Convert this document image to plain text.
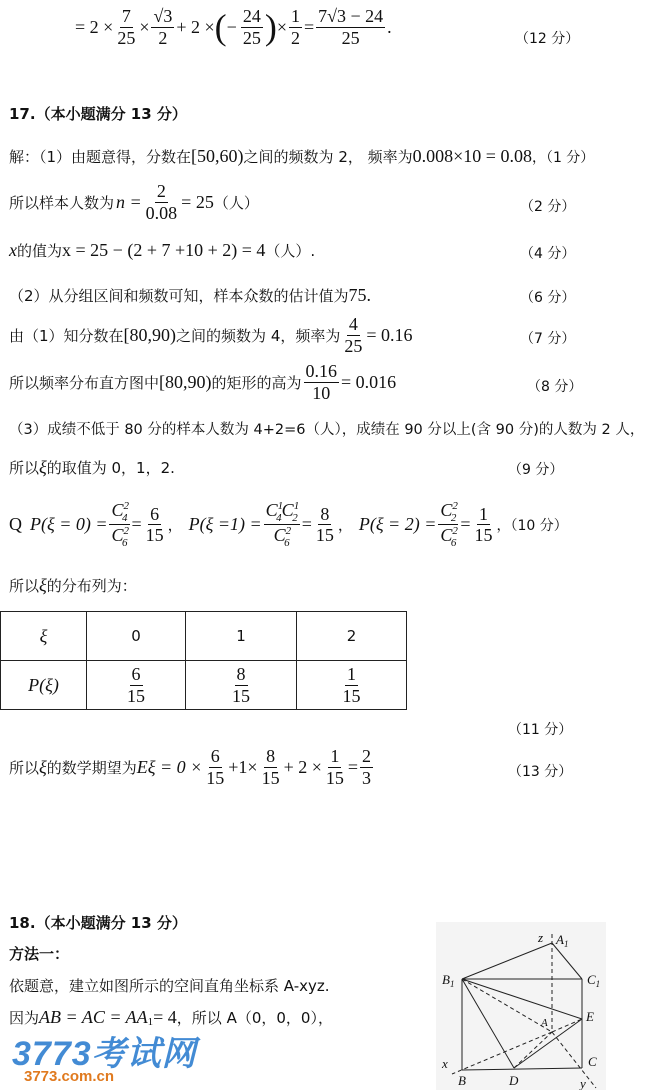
= $2 \times \frac{7}{25} \times \frac{√3}{2} + 2$ × ( − $\frac{24}{25}$ ) × $\frac{1}{2} = \frac{7√3 - 24}{25}$ .
（12 分）
17.（本小题满分 13 分）
解：（1）由题意得，分数在 [50,60) 之间的频数为 2， 频率为 0.008×10 = 0.08 ，（1 分）
所以样本人数为 $n = \frac{2}{0.08} = 25$ （人）	（2 分）
x 的值为 x = 25 − (2 + 7 +10 + 2) = 4 （人）.	（4 分）
（2）从分组区间和频数可知，样本众数的估计值为 75 .	（6 分）
由（1）知分数在 [80,90) 之间的频数为 4，频率为 $\frac{4}{25} = 0.16$	（7 分）
所以频率分布直方图中 [80,90) 的矩形的高为 $\frac{0.16}{10} = 0.016$	（8 分）
（3）成绩不低于 80 分的样本人数为 4+2=6（人），成绩在 90 分以上(含 90 分)的人数为 2 人，
所以 ξ 的取值为 0，1，2.	（9 分）
Q $P(\xi = 0) = \frac{C^2_4}{C^2_6} = \frac{6}{15}$ ， $P(\xi =1) = \frac{C^1_4C^1_2}{C^2_6} = \frac{8}{15}$ ， $P(\xi = 2) = \frac{C^2_2}{C^2_6} = \frac{1}{15}$ ，（10 分）
所以 ξ 的分布列为：
ξ	0	1	2
P(ξ)	$\frac{6}{15}$	$\frac{8}{15}$	$\frac{1}{15}$
（11 分）
所以 ξ 的数学期望为 $E\xi = 0 \times \frac{6}{15} +1\times \frac{8}{15} + 2 \times \frac{1}{15} = \frac{2}{3}$	（13 分）
18.（本小题满分 13 分）
方法一：
依题意，建立如图所示的空间直角坐标系 A-xyz.
因为 AB = AC = AA 1 = 4 ，所以 A（0，0，0），
3773考试网
3773.com.cn
z $A_1$
$B_1$	$C_1$
A	E
x
B	D	y
C
